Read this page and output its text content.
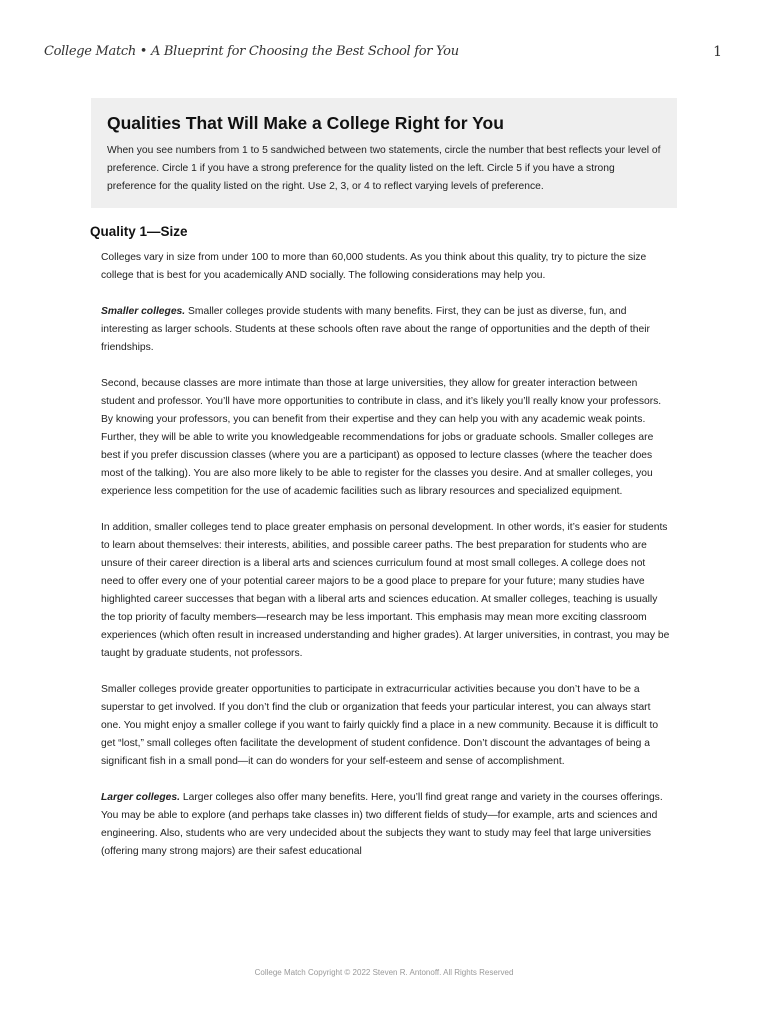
College Match • A Blueprint for Choosing the Best School for You	1
Qualities That Will Make a College Right for You

When you see numbers from 1 to 5 sandwiched between two statements, circle the number that best reflects your level of preference. Circle 1 if you have a strong preference for the quality listed on the left. Circle 5 if you have a strong preference for the quality listed on the right. Use 2, 3, or 4 to reflect varying levels of preference.

Quality 1—Size

Colleges vary in size from under 100 to more than 60,000 students. As you think about this quality, try to picture the size college that is best for you academically AND socially. The following considerations may help you.

Smaller colleges. Smaller colleges provide students with many benefits. First, they can be just as diverse, fun, and interesting as larger schools. Students at these schools often rave about the range of opportunities and the depth of their friendships.

Second, because classes are more intimate than those at large universities, they allow for greater interaction between student and professor. You’ll have more opportunities to contribute in class, and it’s likely you’ll really know your professors. By knowing your professors, you can benefit from their expertise and they can help you with any academic weak points. Further, they will be able to write you knowledgeable recommendations for jobs or graduate schools. Smaller colleges are best if you prefer discussion classes (where you are a participant) as opposed to lecture classes (where the teacher does most of the talking). You are also more likely to be able to register for the classes you desire. And at smaller colleges, you experience less competition for the use of academic facilities such as library resources and specialized equipment.

In addition, smaller colleges tend to place greater emphasis on personal development. In other words, it’s easier for students to learn about themselves: their interests, abilities, and possible career paths. The best preparation for students who are unsure of their career direction is a liberal arts and sciences curriculum found at most small colleges. A college does not need to offer every one of your potential career majors to be a good place to prepare for your future; many studies have highlighted career successes that began with a liberal arts and sciences education. At smaller colleges, teaching is usually the top priority of faculty members—research may be less important. This emphasis may mean more exciting classroom experiences (which often result in increased understanding and higher grades). At larger universities, in contrast, you may be taught by graduate students, not professors.

Smaller colleges provide greater opportunities to participate in extracurricular activities because you don’t have to be a superstar to get involved. If you don’t find the club or organization that feeds your particular interest, you can always start one. You might enjoy a smaller college if you want to fairly quickly find a place in a new community. Because it is difficult to get “lost,” small colleges often facilitate the development of student confidence. Don’t discount the advantages of being a significant fish in a small pond—it can do wonders for your self-esteem and sense of accomplishment.

Larger colleges. Larger colleges also offer many benefits. Here, you’ll find great range and variety in the courses offerings. You may be able to explore (and perhaps take classes in) two different fields of study—for example, arts and sciences and engineering. Also, students who are very undecided about the subjects they want to study may feel that large universities (offering many strong majors) are their safest educational

College Match Copyright © 2022 Steven R. Antonoff. All Rights Reserved
